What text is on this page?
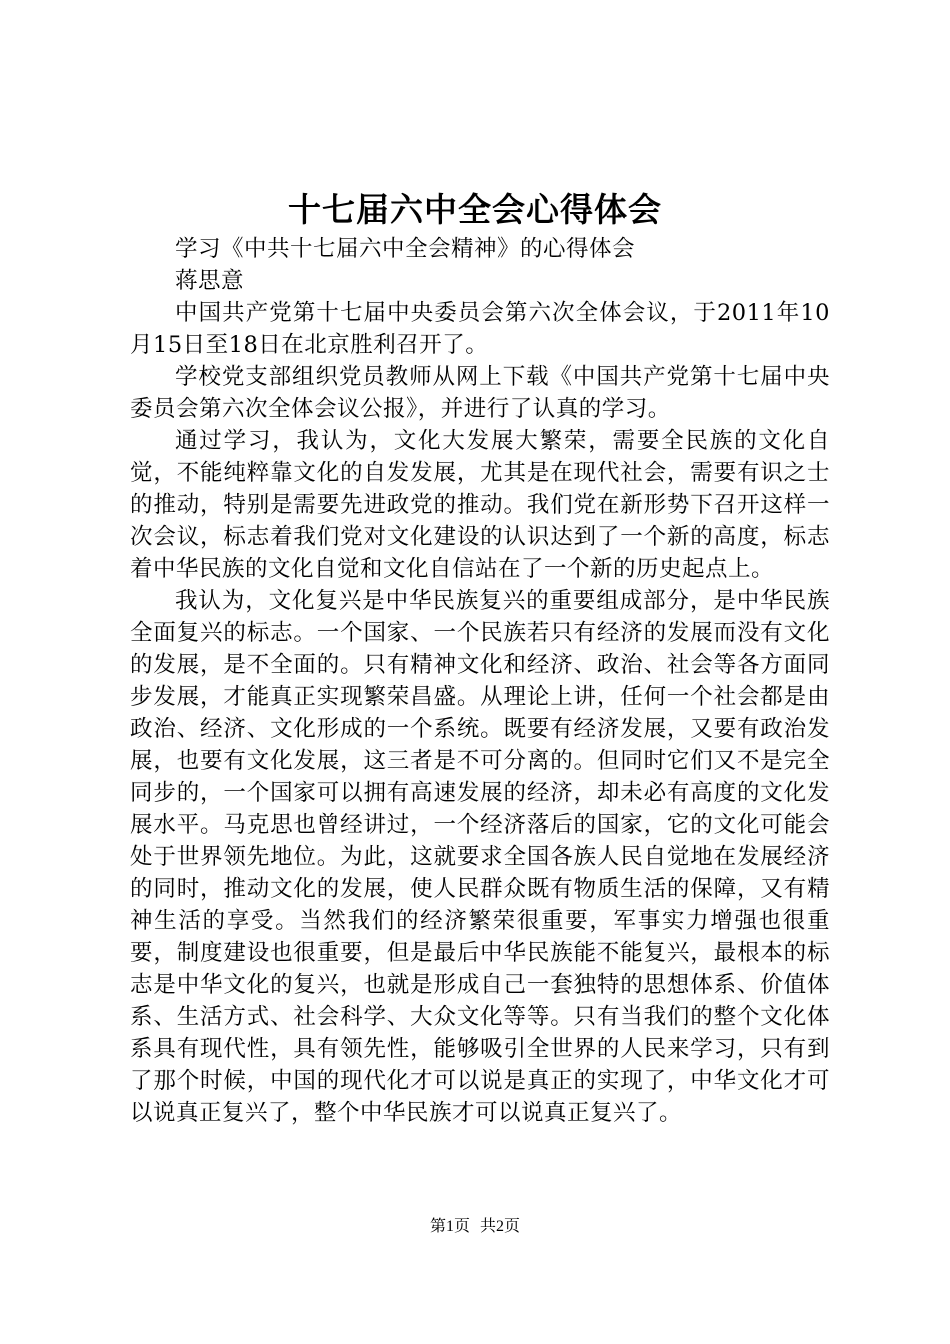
十七届六中全会心得体会

学习《中共十七届六中全会精神》的心得体会

蒋思意

中国共产党第十七届中央委员会第六次全体会议，于2011年10月15日至18日在北京胜利召开了。

学校党支部组织党员教师从网上下载《中国共产党第十七届中央委员会第六次全体会议公报》，并进行了认真的学习。

通过学习，我认为，文化大发展大繁荣，需要全民族的文化自觉，不能纯粹靠文化的自发发展，尤其是在现代社会，需要有识之士的推动，特别是需要先进政党的推动。我们党在新形势下召开这样一次会议，标志着我们党对文化建设的认识达到了一个新的高度，标志着中华民族的文化自觉和文化自信站在了一个新的历史起点上。

我认为，文化复兴是中华民族复兴的重要组成部分，是中华民族全面复兴的标志。一个国家、一个民族若只有经济的发展而没有文化的发展，是不全面的。只有精神文化和经济、政治、社会等各方面同步发展，才能真正实现繁荣昌盛。从理论上讲，任何一个社会都是由政治、经济、文化形成的一个系统。既要有经济发展，又要有政治发展，也要有文化发展，这三者是不可分离的。但同时它们又不是完全同步的，一个国家可以拥有高速发展的经济，却未必有高度的文化发展水平。马克思也曾经讲过，一个经济落后的国家，它的文化可能会处于世界领先地位。为此，这就要求全国各族人民自觉地在发展经济的同时，推动文化的发展，使人民群众既有物质生活的保障，又有精神生活的享受。当然我们的经济繁荣很重要，军事实力增强也很重要，制度建设也很重要，但是最后中华民族能不能复兴，最根本的标志是中华文化的复兴，也就是形成自己一套独特的思想体系、价值体系、生活方式、社会科学、大众文化等等。只有当我们的整个文化体系具有现代性，具有领先性，能够吸引全世界的人民来学习，只有到了那个时候，中国的现代化才可以说是真正的实现了，中华文化才可以说真正复兴了，整个中华民族才可以说真正复兴了。

第1页 共2页
